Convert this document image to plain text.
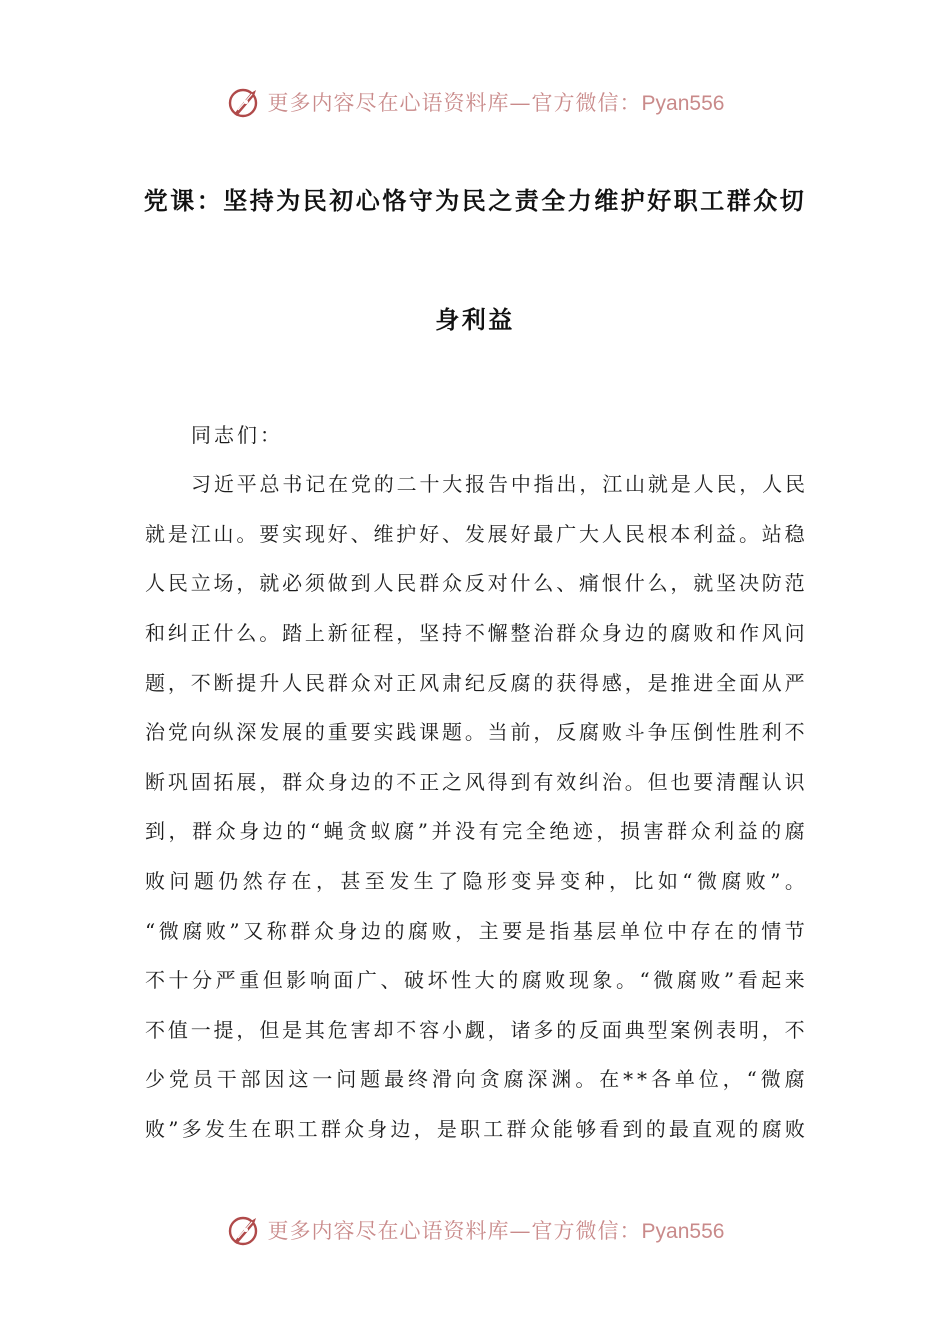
更多内容尽在心语资料库—官方微信：Pyan556
党课：坚持为民初心恪守为民之责全力维护好职工群众切
身利益
同志们：
习 近 平 总 书 记 在 党 的 二 十 大 报 告 中 指 出 ， 江 山 就 是 人 民 ， 人 民
就 是 江 山 。 要 实 现 好 、 维 护 好 、 发 展 好 最 广 大 人 民 根 本 利 益 。 站 稳
人 民 立 场 ， 就 必 须 做 到 人 民 群 众 反 对 什 么 、 痛 恨 什 么 ， 就 坚 决 防 范
和 纠 正 什 么 。 踏 上 新 征 程 ， 坚 持 不 懈 整 治 群 众 身 边 的 腐 败 和 作 风 问
题 ， 不 断 提 升 人 民 群 众 对 正 风 肃 纪 反 腐 的 获 得 感 ， 是 推 进 全 面 从 严
治 党 向 纵 深 发 展 的 重 要 实 践 课 题 。 当 前 ， 反 腐 败 斗 争 压 倒 性 胜 利 不
断 巩 固 拓 展 ， 群 众 身 边 的 不 正 之 风 得 到 有 效 纠 治 。 但 也 要 清 醒 认 识
到 ， 群 众 身 边 的 “ 蝇 贪 蚁 腐 ” 并 没 有 完 全 绝 迹 ， 损 害 群 众 利 益 的 腐
败 问 题 仍 然 存 在 ， 甚 至 发 生 了 隐 形 变 异 变 种 ， 比 如 “ 微 腐 败 ” 。
“ 微 腐 败 ” 又 称 群 众 身 边 的 腐 败 ， 主 要 是 指 基 层 单 位 中 存 在 的 情 节
不 十 分 严 重 但 影 响 面 广 、 破 坏 性 大 的 腐 败 现 象 。 “ 微 腐 败 ” 看 起 来
不 值 一 提 ， 但 是 其 危 害 却 不 容 小 觑 ， 诸 多 的 反 面 典 型 案 例 表 明 ， 不
少 党 员 干 部 因 这 一 问 题 最 终 滑 向 贪 腐 深 渊 。 在 * * 各 单 位 ， “ 微 腐
败 ” 多 发 生 在 职 工 群 众 身 边 ， 是 职 工 群 众 能 够 看 到 的 最 直 观 的 腐 败
更多内容尽在心语资料库—官方微信：Pyan556
